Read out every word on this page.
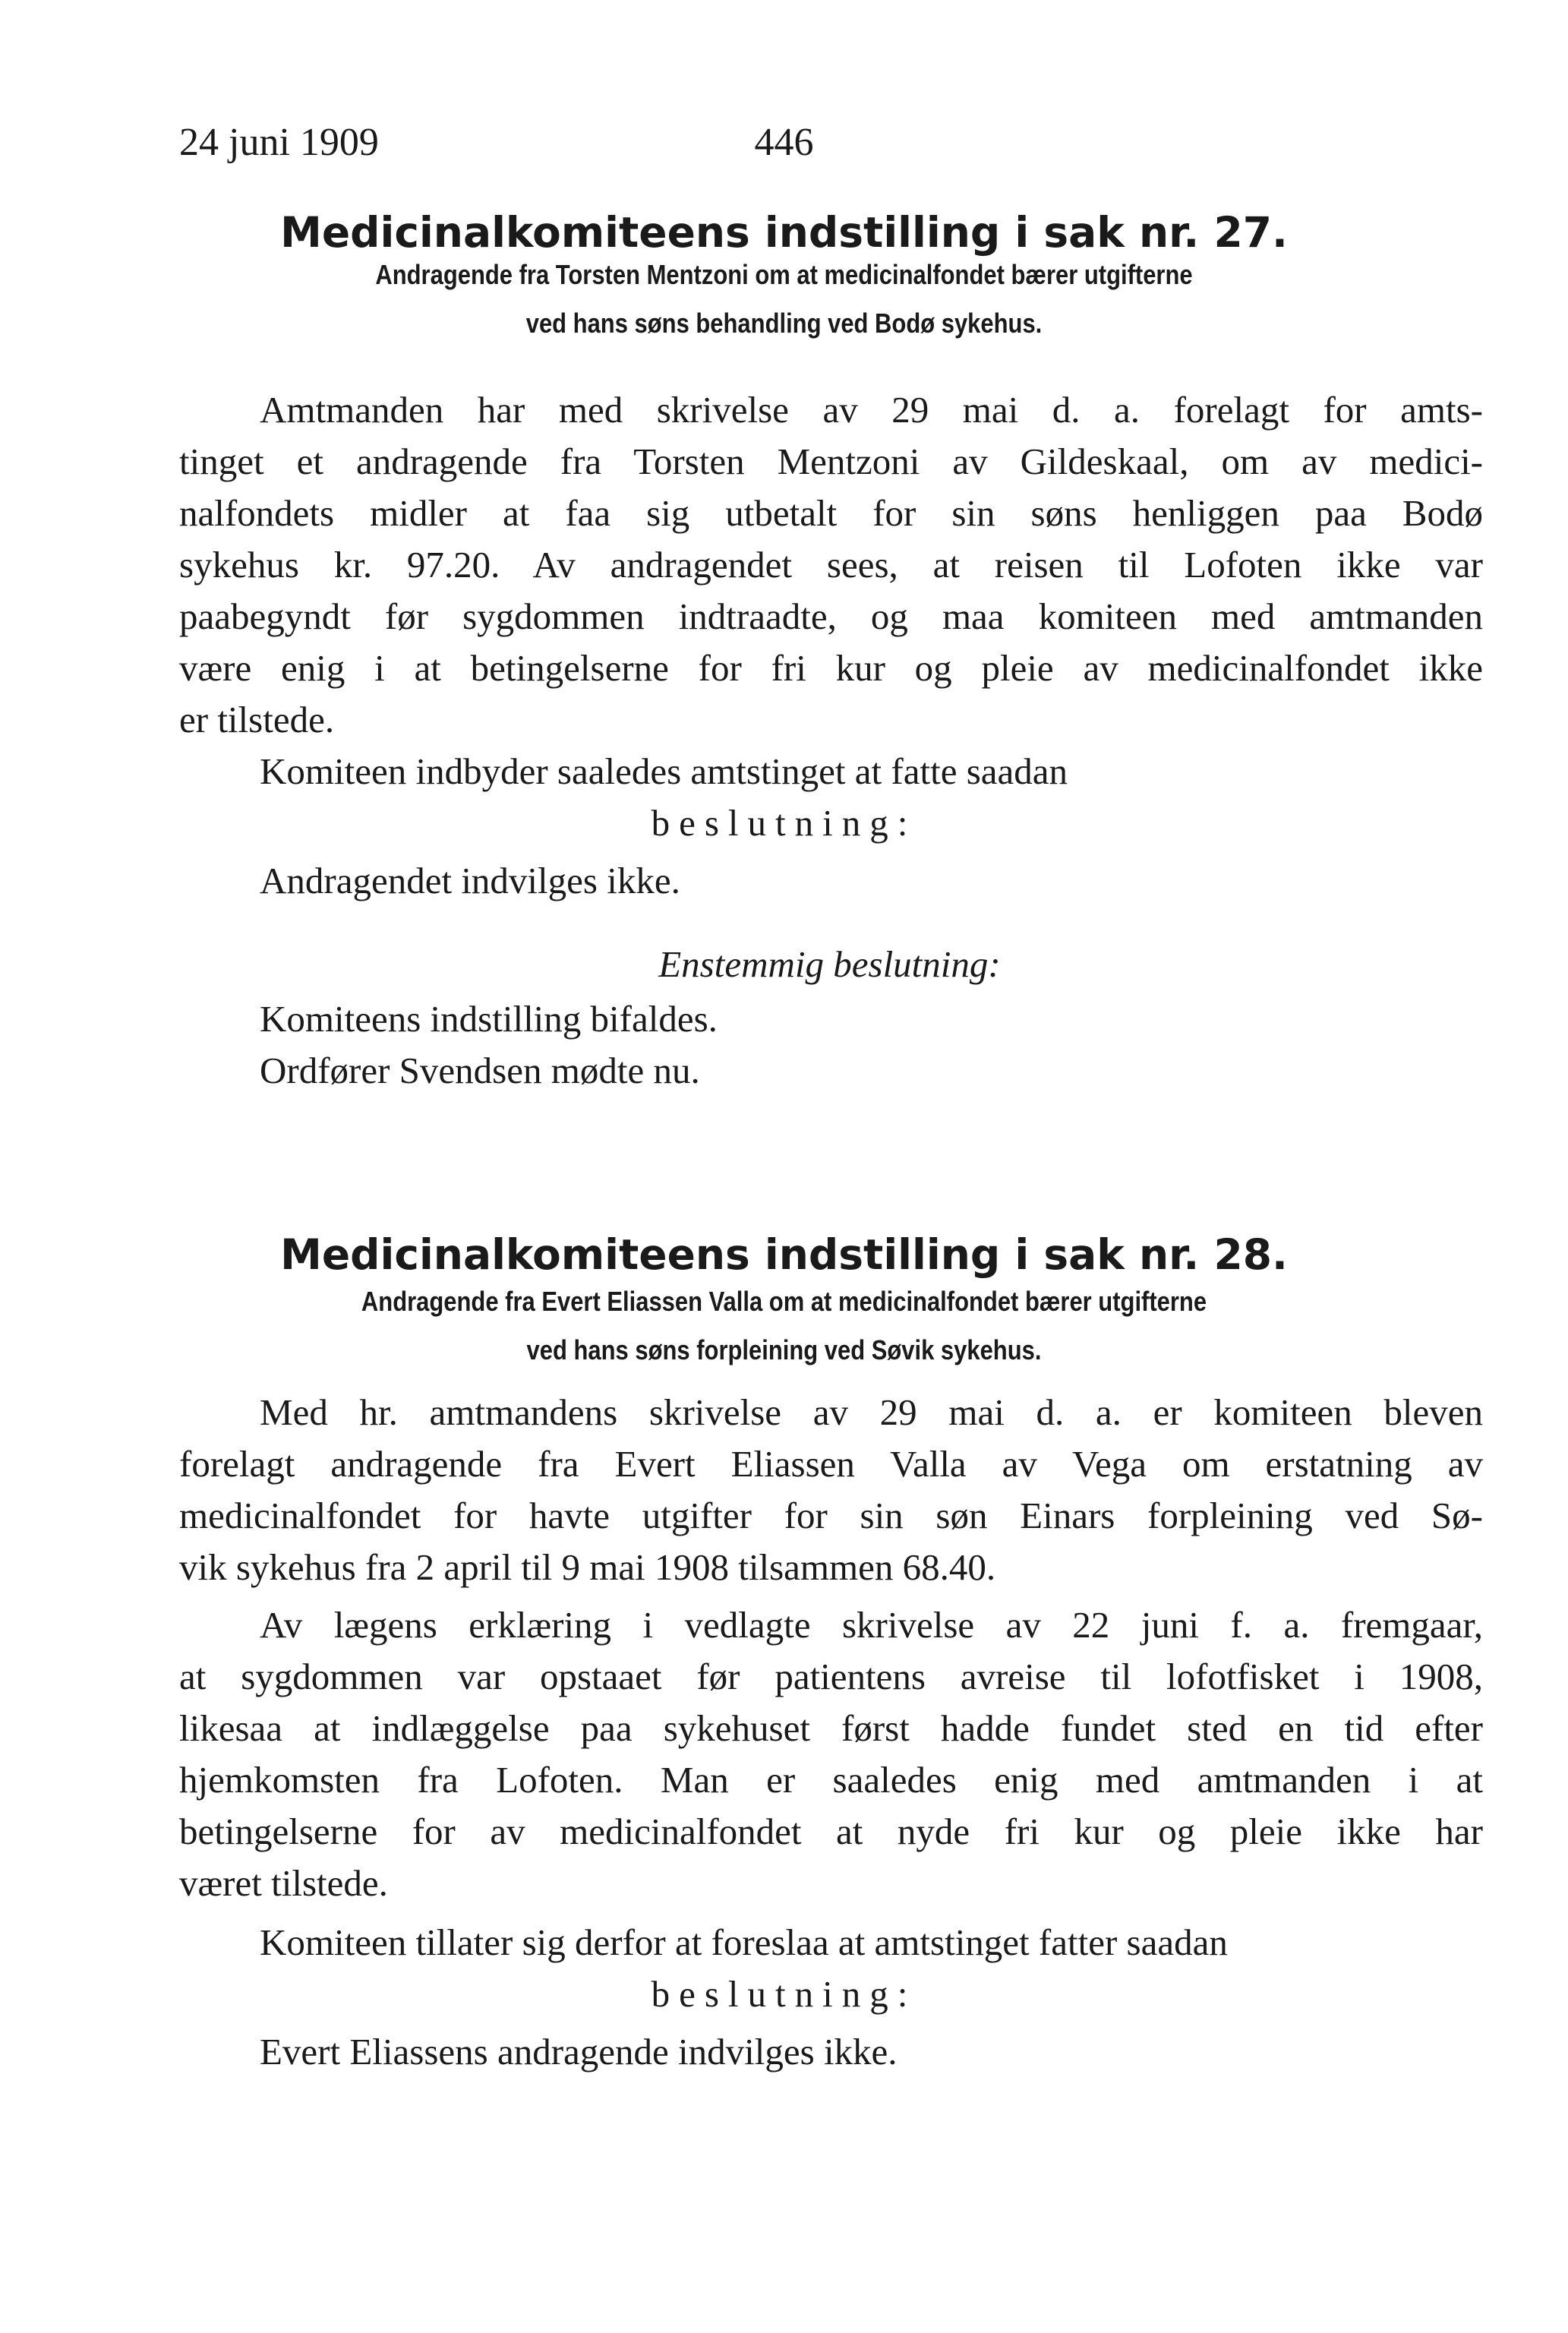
24 juni 1909	446
Medicinalkomiteens indstilling i sak nr. 27.
Andragende fra Torsten Mentzoni om at medicinalfondet bærer utgifterne
ved hans søns behandling ved Bodø sykehus.
Amtmanden har med skrivelse av 29 mai d. a. forelagt for amts-
tinget et andragende fra Torsten Mentzoni av Gildeskaal, om av medici-
nalfondets midler at faa sig utbetalt for sin søns henliggen paa Bodø
sykehus kr. 97.20. Av andragendet sees, at reisen til Lofoten ikke var
paabegyndt før sygdommen indtraadte, og maa komiteen med amtmanden
være enig i at betingelserne for fri kur og pleie av medicinalfondet ikke
er tilstede.
Komiteen indbyder saaledes amtstinget at fatte saadan
beslutning:
Andragendet indvilges ikke.
Enstemmig beslutning:
Komiteens indstilling bifaldes.
Ordfører Svendsen mødte nu.
Medicinalkomiteens indstilling i sak nr. 28.
Andragende fra Evert Eliassen Valla om at medicinalfondet bærer utgifterne
ved hans søns forpleining ved Søvik sykehus.
Med hr. amtmandens skrivelse av 29 mai d. a. er komiteen bleven
forelagt andragende fra Evert Eliassen Valla av Vega om erstatning av
medicinalfondet for havte utgifter for sin søn Einars forpleining ved Sø-
vik sykehus fra 2 april til 9 mai 1908 tilsammen 68.40.
Av lægens erklæring i vedlagte skrivelse av 22 juni f. a. fremgaar,
at sygdommen var opstaaet før patientens avreise til lofotfisket i 1908,
likesaa at indlæggelse paa sykehuset først hadde fundet sted en tid efter
hjemkomsten fra Lofoten. Man er saaledes enig med amtmanden i at
betingelserne for av medicinalfondet at nyde fri kur og pleie ikke har
været tilstede.
Komiteen tillater sig derfor at foreslaa at amtstinget fatter saadan
beslutning:
Evert Eliassens andragende indvilges ikke.
